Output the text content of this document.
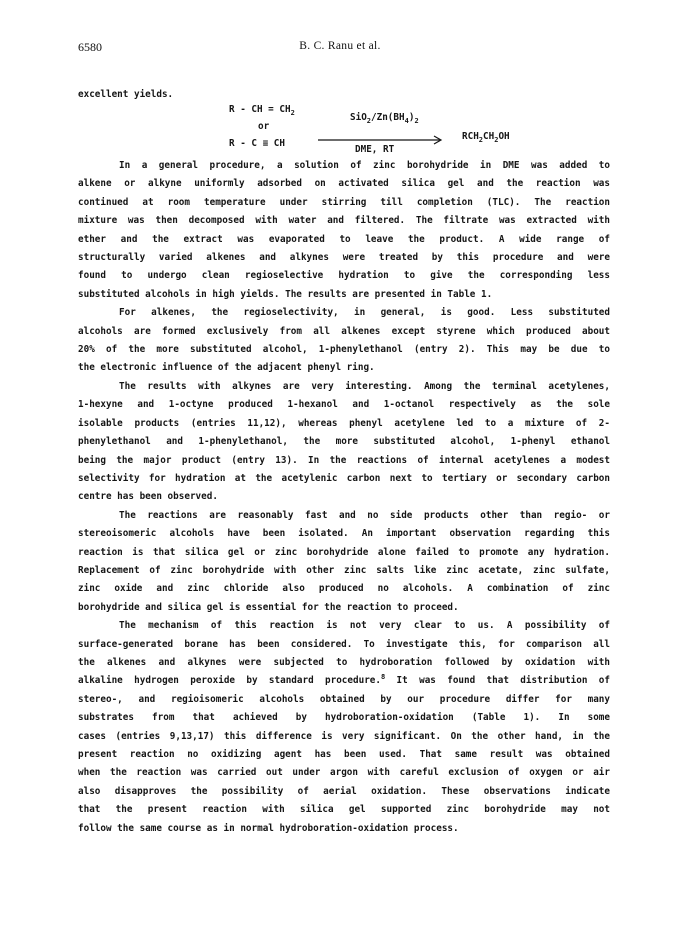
6580	B. C. Ranu et al.
excellent yields.
R - CH = $CH_2$
or
R - C ≡ CH
$SiO_2/Zn(BH_4)_2$
$RCH_2CH_2OH$
DME, RT

In a general procedure, a solution of zinc borohydride in DME was added to

alkene or alkyne uniformly adsorbed on activated silica gel and the reaction was

continued at room temperature under stirring till completion (TLC). The reaction

mixture was then decomposed with water and filtered. The filtrate was extracted with

ether and the extract was evaporated to leave the product. A wide range of

structurally varied alkenes and alkynes were treated by this procedure and were

found to undergo clean regioselective hydration to give the corresponding less

substituted alcohols in high yields. The results are presented in Table 1.

For alkenes, the regioselectivity, in general, is good. Less substituted

alcohols are formed exclusively from all alkenes except styrene which produced about

20% of the more substituted alcohol, 1-phenylethanol (entry 2). This may be due to

the electronic influence of the adjacent phenyl ring.

The results with alkynes are very interesting. Among the terminal acetylenes,

1-hexyne and 1-octyne produced 1-hexanol and 1-octanol respectively as the sole

isolable products (entries 11,12), whereas phenyl acetylene led to a mixture of 2-

phenylethanol and 1-phenylethanol, the more substituted alcohol, 1-phenyl ethanol

being the major product (entry 13). In the reactions of internal acetylenes a modest

selectivity for hydration at the acetylenic carbon next to tertiary or secondary carbon

centre has been observed.

The reactions are reasonably fast and no side products other than regio- or

stereoisomeric alcohols have been isolated. An important observation regarding this

reaction is that silica gel or zinc borohydride alone failed to promote any hydration.

Replacement of zinc borohydride with other zinc salts like zinc acetate, zinc sulfate,

zinc oxide and zinc chloride also produced no alcohols. A combination of zinc

borohydride and silica gel is essential for the reaction to proceed.

The mechanism of this reaction is not very clear to us. A possibility of

surface-generated borane has been considered. To investigate this, for comparison all

the alkenes and alkynes were subjected to hydroboration followed by oxidation with

alkaline hydrogen peroxide by standard procedure.$^8$ It was found that distribution of

stereo-, and regioisomeric alcohols obtained by our procedure differ for many

substrates from that achieved by hydroboration-oxidation (Table 1). In some

cases (entries 9,13,17) this difference is very significant. On the other hand, in the

present reaction no oxidizing agent has been used. That same result was obtained

when the reaction was carried out under argon with careful exclusion of oxygen or air

also disapproves the possibility of aerial oxidation. These observations indicate

that the present reaction with silica gel supported zinc borohydride may not

follow the same course as in normal hydroboration-oxidation process.
